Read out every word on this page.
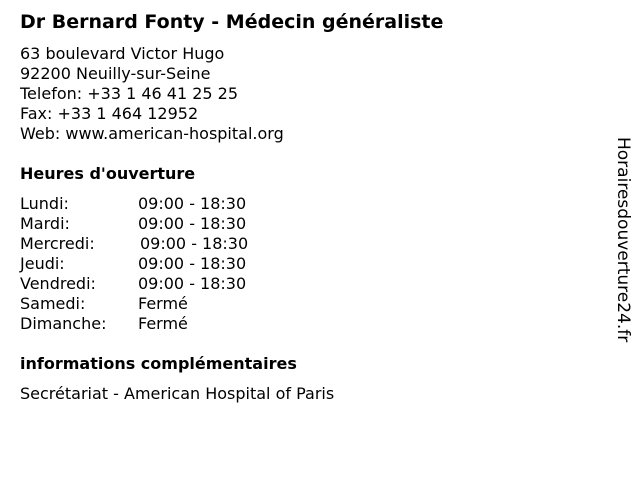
Dr Bernard Fonty - Médecin généraliste
63 boulevard Victor Hugo
92200 Neuilly-sur-Seine
Telefon: +33 1 46 41 25 25
Fax: +33 1 464 12952
Web: www.american-hospital.org
Heures d'ouverture
Lundi:	09:00 - 18:30
Mardi:	09:00 - 18:30
Mercredi:	09:00 - 18:30
Jeudi:	09:00 - 18:30
Vendredi:	09:00 - 18:30
Samedi:	Fermé
Dimanche: Fermé
informations complémentaires
Secrétariat - American Hospital of Paris
Horairesdouverture24.fr
